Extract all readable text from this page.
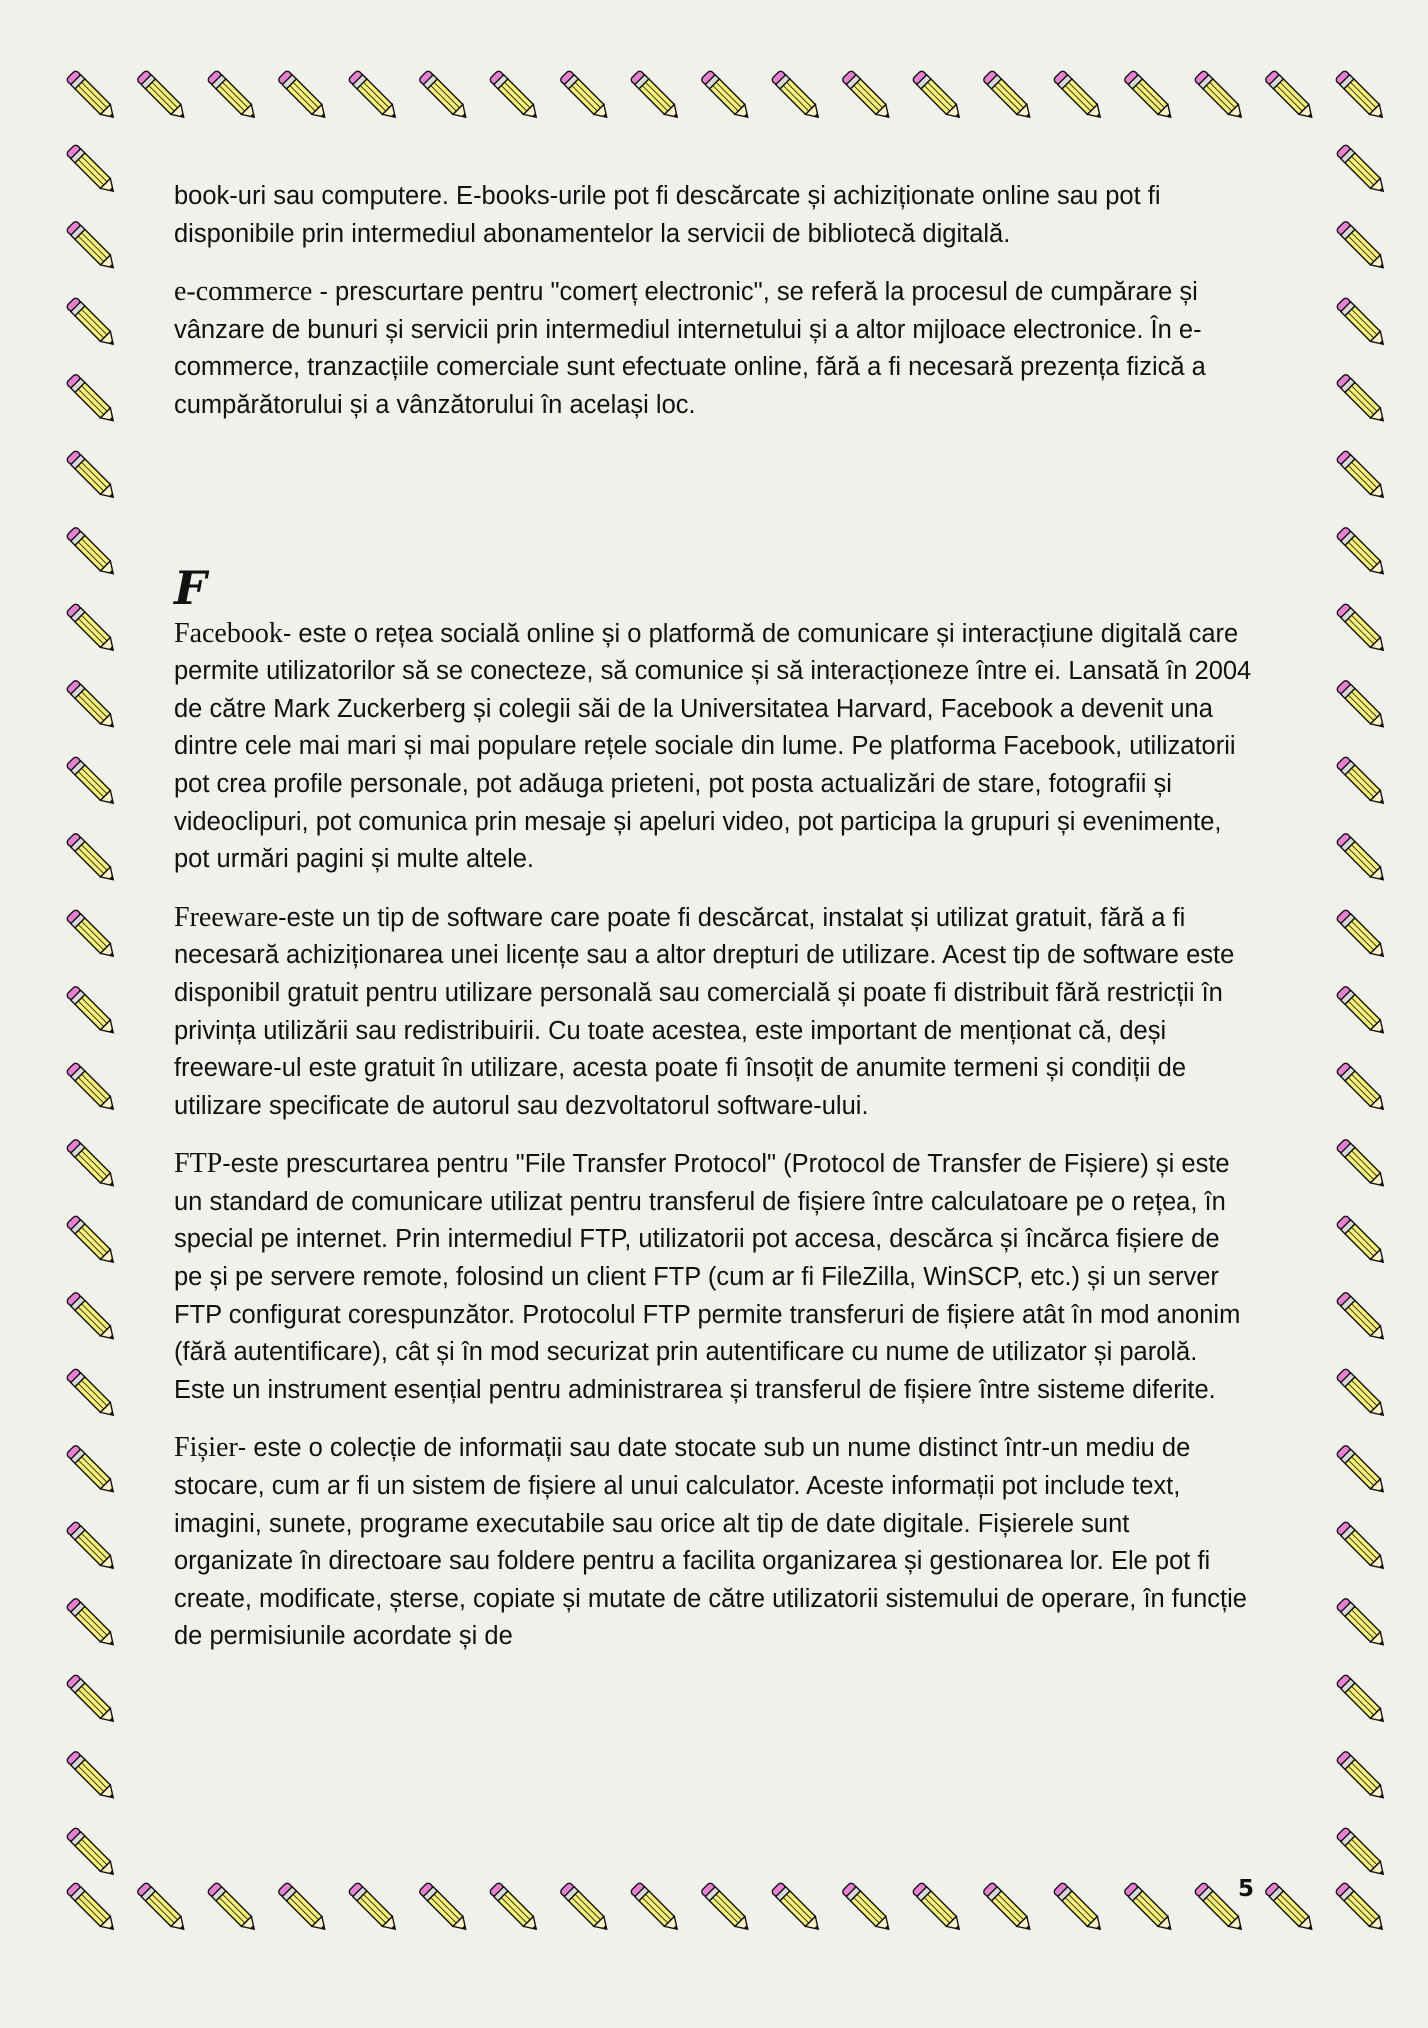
F

book-uri sau computere. E-books-urile pot fi descărcate și achiziționate online sau pot fi disponibile prin intermediul abonamentelor la servicii de bibliotecă digitală.

e-commerce - prescurtare pentru "comerț electronic", se referă la procesul de cumpărare și vânzare de bunuri și servicii prin intermediul internetului și a altor mijloace electronice. În e-commerce, tranzacțiile comerciale sunt efectuate online, fără a fi necesară prezența fizică a cumpărătorului și a vânzătorului în același loc.

Facebook- este o rețea socială online și o platformă de comunicare și interacțiune digitală care permite utilizatorilor să se conecteze, să comunice și să interacționeze între ei. Lansată în 2004 de către Mark Zuckerberg și colegii săi de la Universitatea Harvard, Facebook a devenit una dintre cele mai mari și mai populare rețele sociale din lume. Pe platforma Facebook, utilizatorii pot crea profile personale, pot adăuga prieteni, pot posta actualizări de stare, fotografii și videoclipuri, pot comunica prin mesaje și apeluri video, pot participa la grupuri și evenimente, pot urmări pagini și multe altele.

Freeware-este un tip de software care poate fi descărcat, instalat și utilizat gratuit, fără a fi necesară achiziționarea unei licențe sau a altor drepturi de utilizare. Acest tip de software este disponibil gratuit pentru utilizare personală sau comercială și poate fi distribuit fără restricții în privința utilizării sau redistribuirii. Cu toate acestea, este important de menționat că, deși freeware-ul este gratuit în utilizare, acesta poate fi însoțit de anumite termeni și condiții de utilizare specificate de autorul sau dezvoltatorul software-ului.

FTP-este prescurtarea pentru "File Transfer Protocol" (Protocol de Transfer de Fișiere) și este un standard de comunicare utilizat pentru transferul de fișiere între calculatoare pe o rețea, în special pe internet. Prin intermediul FTP, utilizatorii pot accesa, descărca și încărca fișiere de pe și pe servere remote, folosind un client FTP (cum ar fi FileZilla, WinSCP, etc.) și un server FTP configurat corespunzător. Protocolul FTP permite transferuri de fișiere atât în mod anonim (fără autentificare), cât și în mod securizat prin autentificare cu nume de utilizator și parolă. Este un instrument esențial pentru administrarea și transferul de fișiere între sisteme diferite.

Fișier- este o colecție de informații sau date stocate sub un nume distinct într-un mediu de stocare, cum ar fi un sistem de fișiere al unui calculator. Aceste informații pot include text, imagini, sunete, programe executabile sau orice alt tip de date digitale. Fișierele sunt organizate în directoare sau foldere pentru a facilita organizarea și gestionarea lor. Ele pot fi create, modificate, șterse, copiate și mutate de către utilizatorii sistemului de operare, în funcție de permisiunile acordate și de

5
